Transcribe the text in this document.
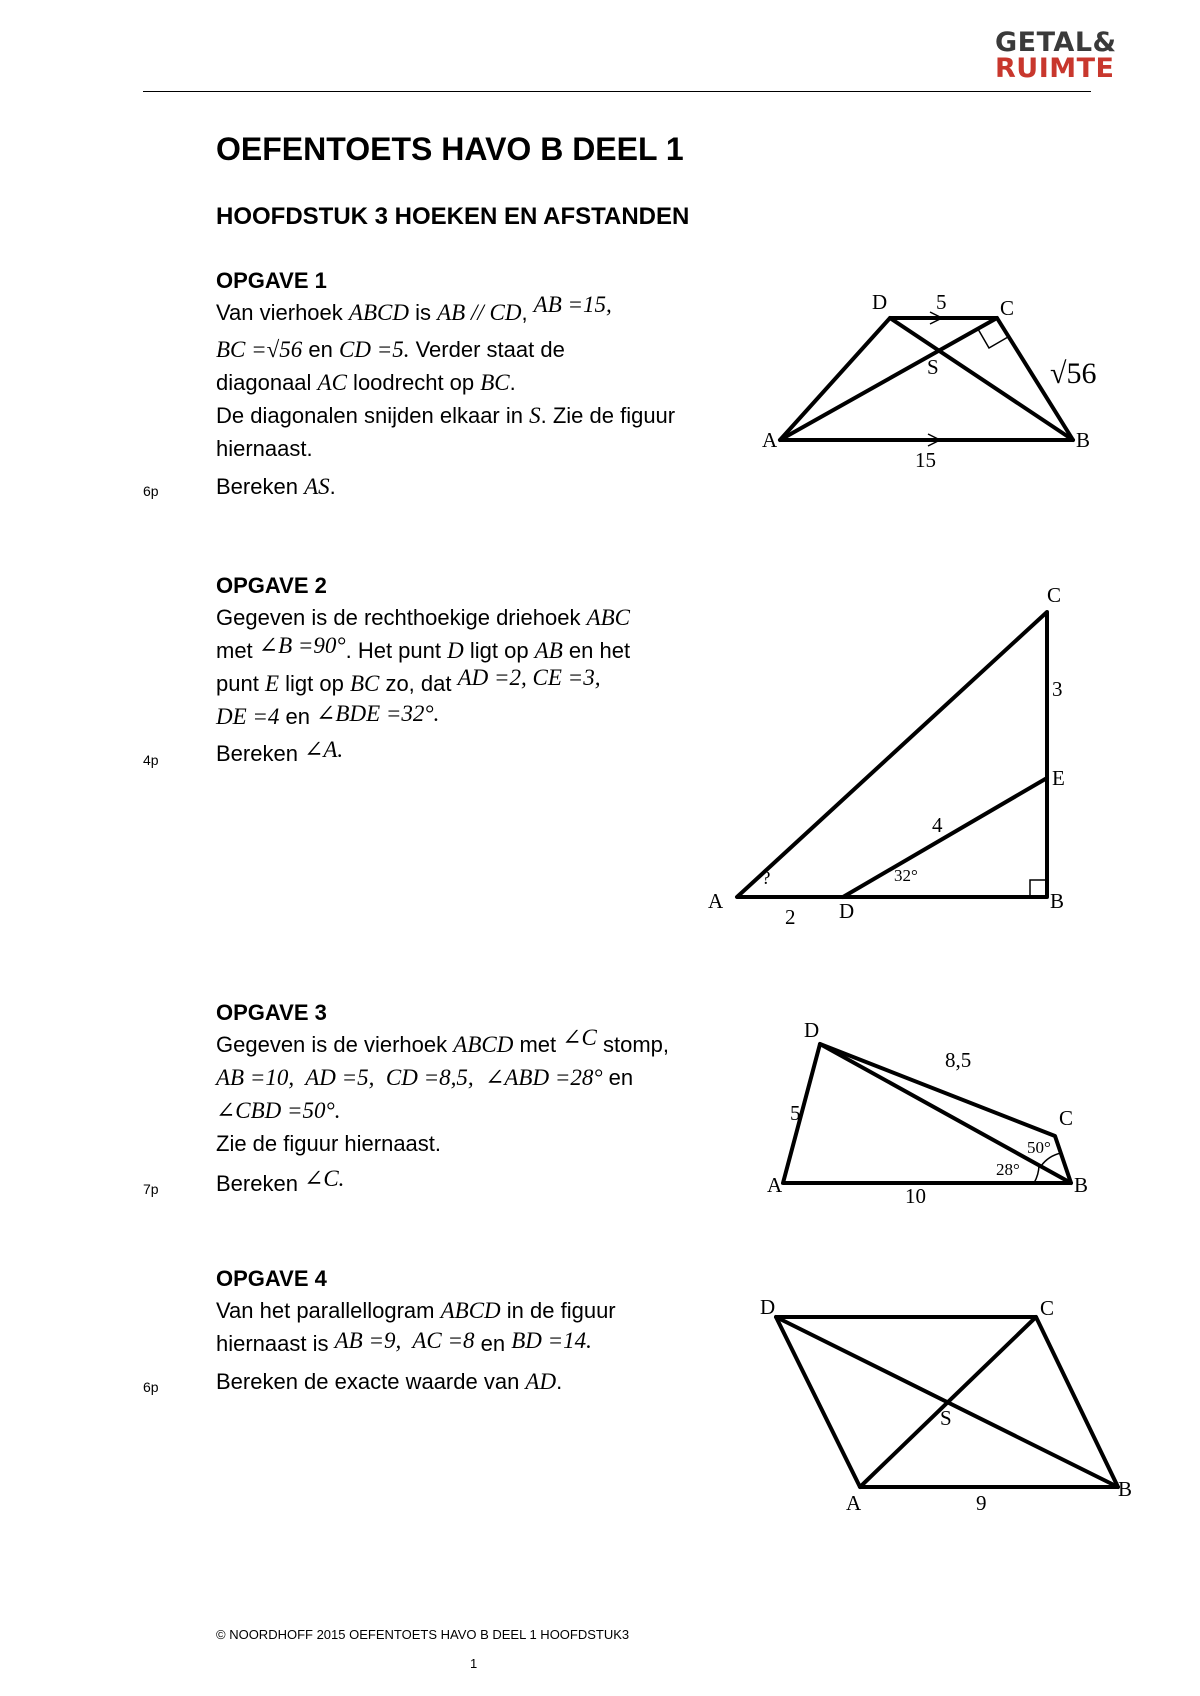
GETAL&
RUIMTE
OEFENTOETS HAVO B DEEL 1
HOOFDSTUK 3 HOEKEN EN AFSTANDEN
OPGAVE 1

Van vierhoek ABCD is AB // CD, AB =15,

BC =√56 en CD =5. Verder staat de

diagonaal AC loodrecht op BC.

De diagonalen snijden elkaar in S. Zie de figuur

hiernaast.

6p	Bereken AS.
A	B
C
D
S
5
15
√56
OPGAVE 2

Gegeven is de rechthoekige driehoek ABC

met ∠B =90°. Het punt D ligt op AB en het

punt E ligt op BC zo, dat AD =2, CE =3,

DE =4 en ∠BDE =32°.

4p	Bereken ∠A.
A	B
C
D
E
2
3
4
32°
?
OPGAVE 3

Gegeven is de vierhoek ABCD met ∠C stomp,

AB =10,  AD =5,  CD =8,5,  ∠ABD =28° en

∠CBD =50°.

Zie de figuur hiernaast.

7p	Bereken ∠C.	A	B
C
D
5
8,5
10
50°
28°
OPGAVE 4

Van het parallellogram ABCD in de figuur

hiernaast is AB =9,  AC =8 en BD =14.

6p	Bereken de exacte waarde van AD.
A
B
C
D
S
9
© NOORDHOFF 2015 OEFENTOETS HAVO B DEEL 1 HOOFDSTUK3
1
